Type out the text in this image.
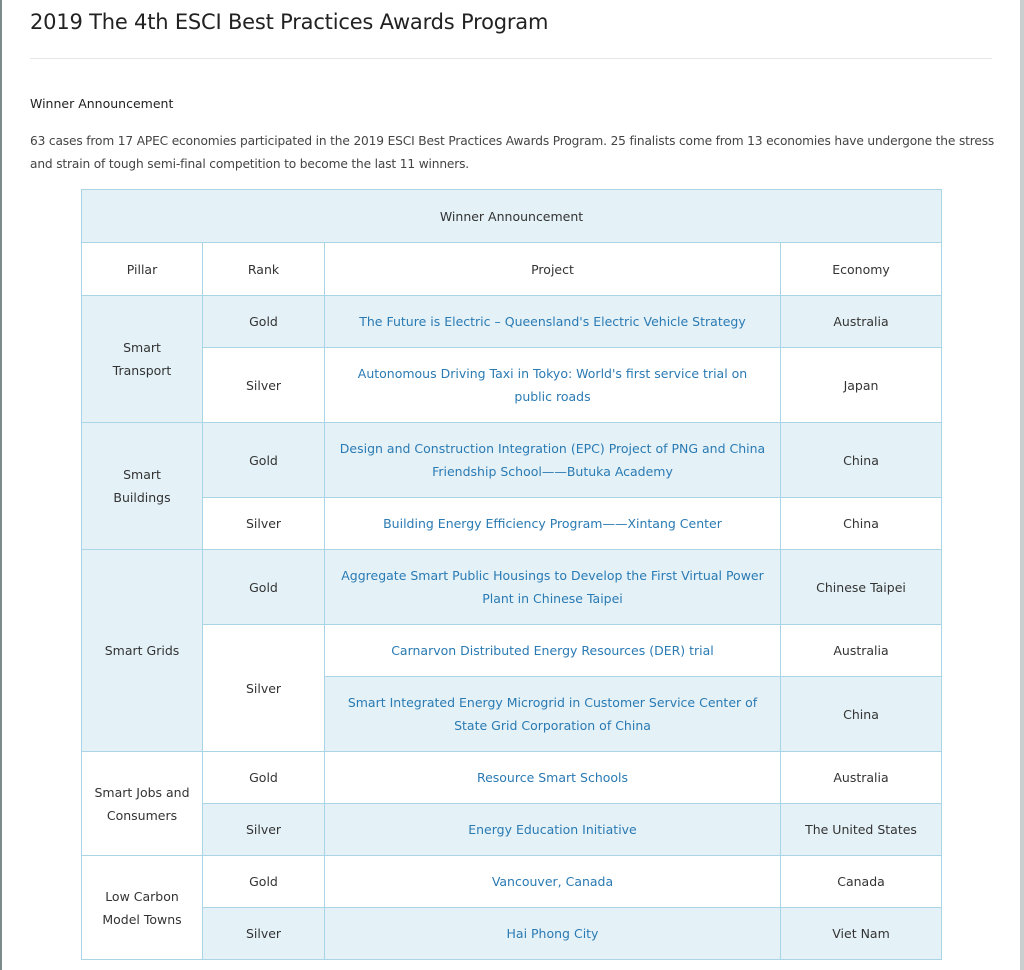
2019 The 4th ESCI Best Practices Awards Program
Winner Announcement
63 cases from 17 APEC economies participated in the 2019 ESCI Best Practices Awards Program. 25 finalists come from 13 economies have undergone the stress and strain of tough semi-final competition to become the last 11 winners.
Winner Announcement			
Pillar	Rank	Project	Economy
Smart Transport	Gold	The Future is Electric – Queensland's Electric Vehicle Strategy	Australia
	Silver	Autonomous Driving Taxi in Tokyo: World's first service trial on public roads	Japan
Smart Buildings	Gold	Design and Construction Integration (EPC) Project of PNG and China Friendship School——Butuka Academy	China
	Silver	Building Energy Efficiency Program——Xintang Center	China
Smart Grids	Gold	Aggregate Smart Public Housings to Develop the First Virtual Power Plant in Chinese Taipei	Chinese Taipei
	Silver	Carnarvon Distributed Energy Resources (DER) trial	Australia
		Smart Integrated Energy Microgrid in Customer Service Center of State Grid Corporation of China	China
Smart Jobs and Consumers	Gold	Resource Smart Schools	Australia
	Silver	Energy Education Initiative	The United States
Low Carbon Model Towns	Gold	Vancouver, Canada	Canada
	Silver	Hai Phong City	Viet Nam
